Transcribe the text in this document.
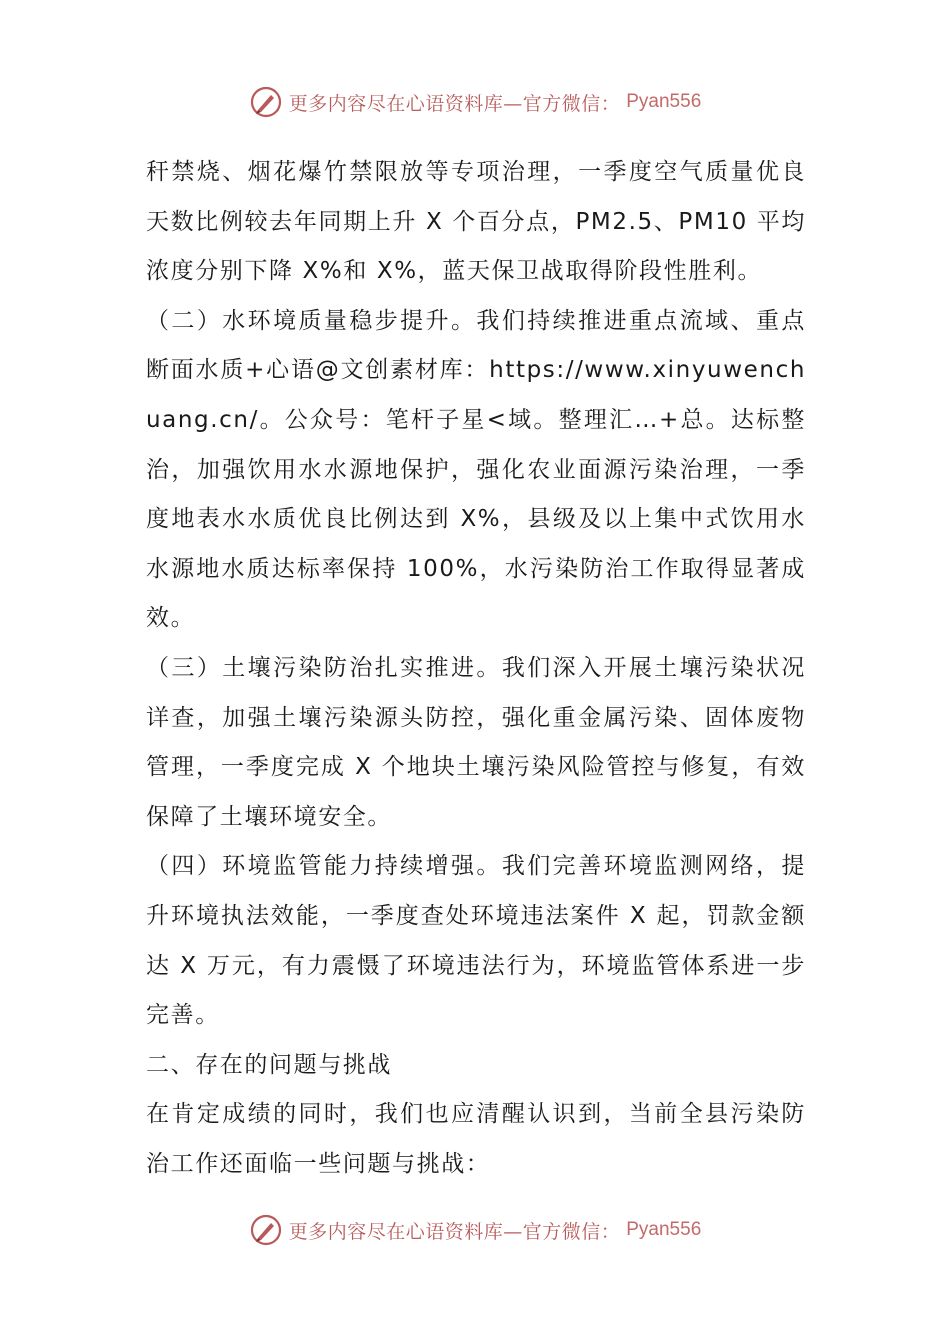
更多内容尽在心语资料库—官方微信： Pyan556

秆禁烧、烟花爆竹禁限放等专项治理，一季度空气质量优良天数比例较去年同期上升 X 个百分点，PM2.5、PM10 平均浓度分别下降 X%和 X%，蓝天保卫战取得阶段性胜利。

（二）水环境质量稳步提升。我们持续推进重点流域、重点断面水质+心语@文创素材库：https://www.xinyuwenchuang.cn/。公众号：笔杆子星<域。整理汇…+总。达标整治，加强饮用水水源地保护，强化农业面源污染治理，一季度地表水水质优良比例达到 X%，县级及以上集中式饮用水水源地水质达标率保持 100%，水污染防治工作取得显著成效。

（三）土壤污染防治扎实推进。我们深入开展土壤污染状况详查，加强土壤污染源头防控，强化重金属污染、固体废物管理，一季度完成 X 个地块土壤污染风险管控与修复，有效保障了土壤环境安全。

（四）环境监管能力持续增强。我们完善环境监测网络，提升环境执法效能，一季度查处环境违法案件 X 起，罚款金额达 X 万元，有力震慑了环境违法行为，环境监管体系进一步完善。

二、存在的问题与挑战

在肯定成绩的同时，我们也应清醒认识到，当前全县污染防治工作还面临一些问题与挑战：

更多内容尽在心语资料库—官方微信： Pyan556
